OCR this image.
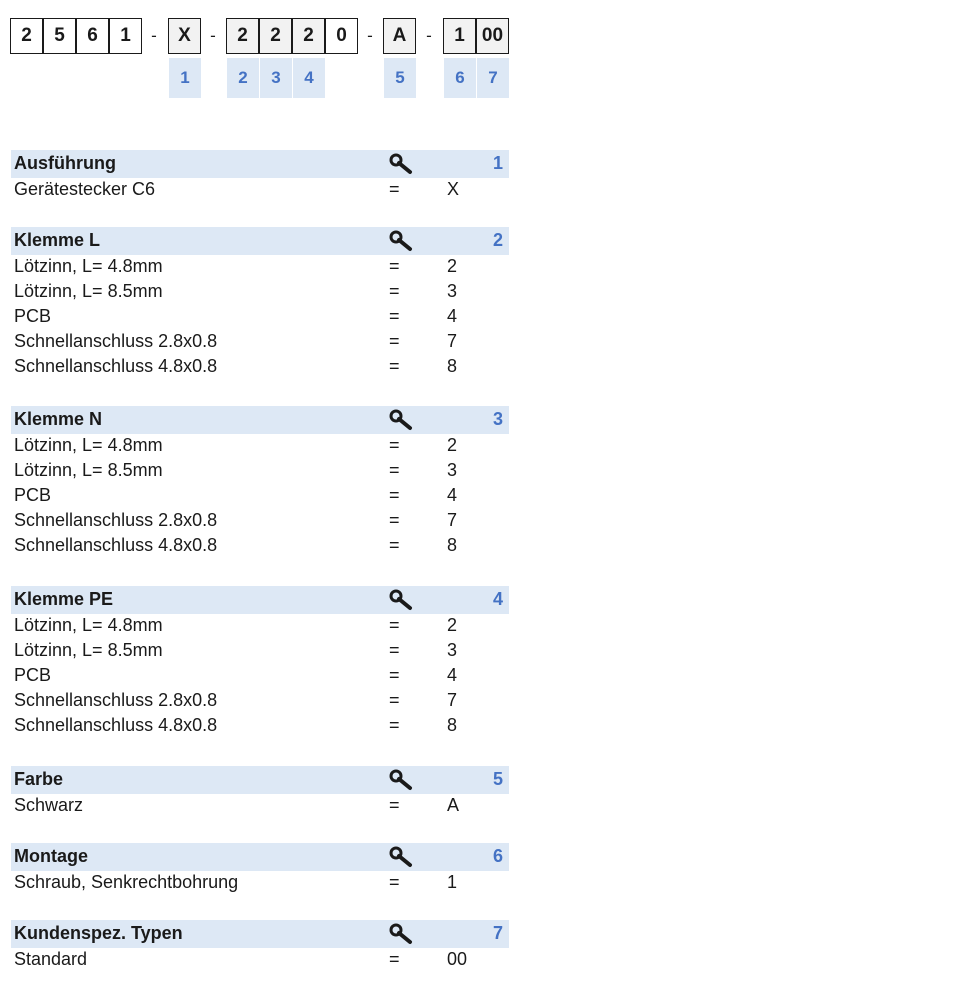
2	5	6	1	-	X	-	2	2	2	0	-	A	-	1 00
1	2	3	4	5	6	7
Ausführung	1
Gerätestecker C6	=	X
Klemme L	2
Lötzinn, L= 4.8mm	=	2
Lötzinn, L= 8.5mm	=	3
PCB	=	4
Schnellanschluss 2.8x0.8	=	7
Schnellanschluss 4.8x0.8	=	8
Klemme N	3
Lötzinn, L= 4.8mm	=	2
Lötzinn, L= 8.5mm	=	3
PCB	=	4
Schnellanschluss 2.8x0.8	=	7
Schnellanschluss 4.8x0.8	=	8
Klemme PE	4
Lötzinn, L= 4.8mm	=	2
Lötzinn, L= 8.5mm	=	3
PCB	=	4
Schnellanschluss 2.8x0.8	=	7
Schnellanschluss 4.8x0.8	=	8
Farbe	5
Schwarz	=	A
Montage	6
Schraub, Senkrechtbohrung	=	1
Kundenspez. Typen	7
Standard	=	00
